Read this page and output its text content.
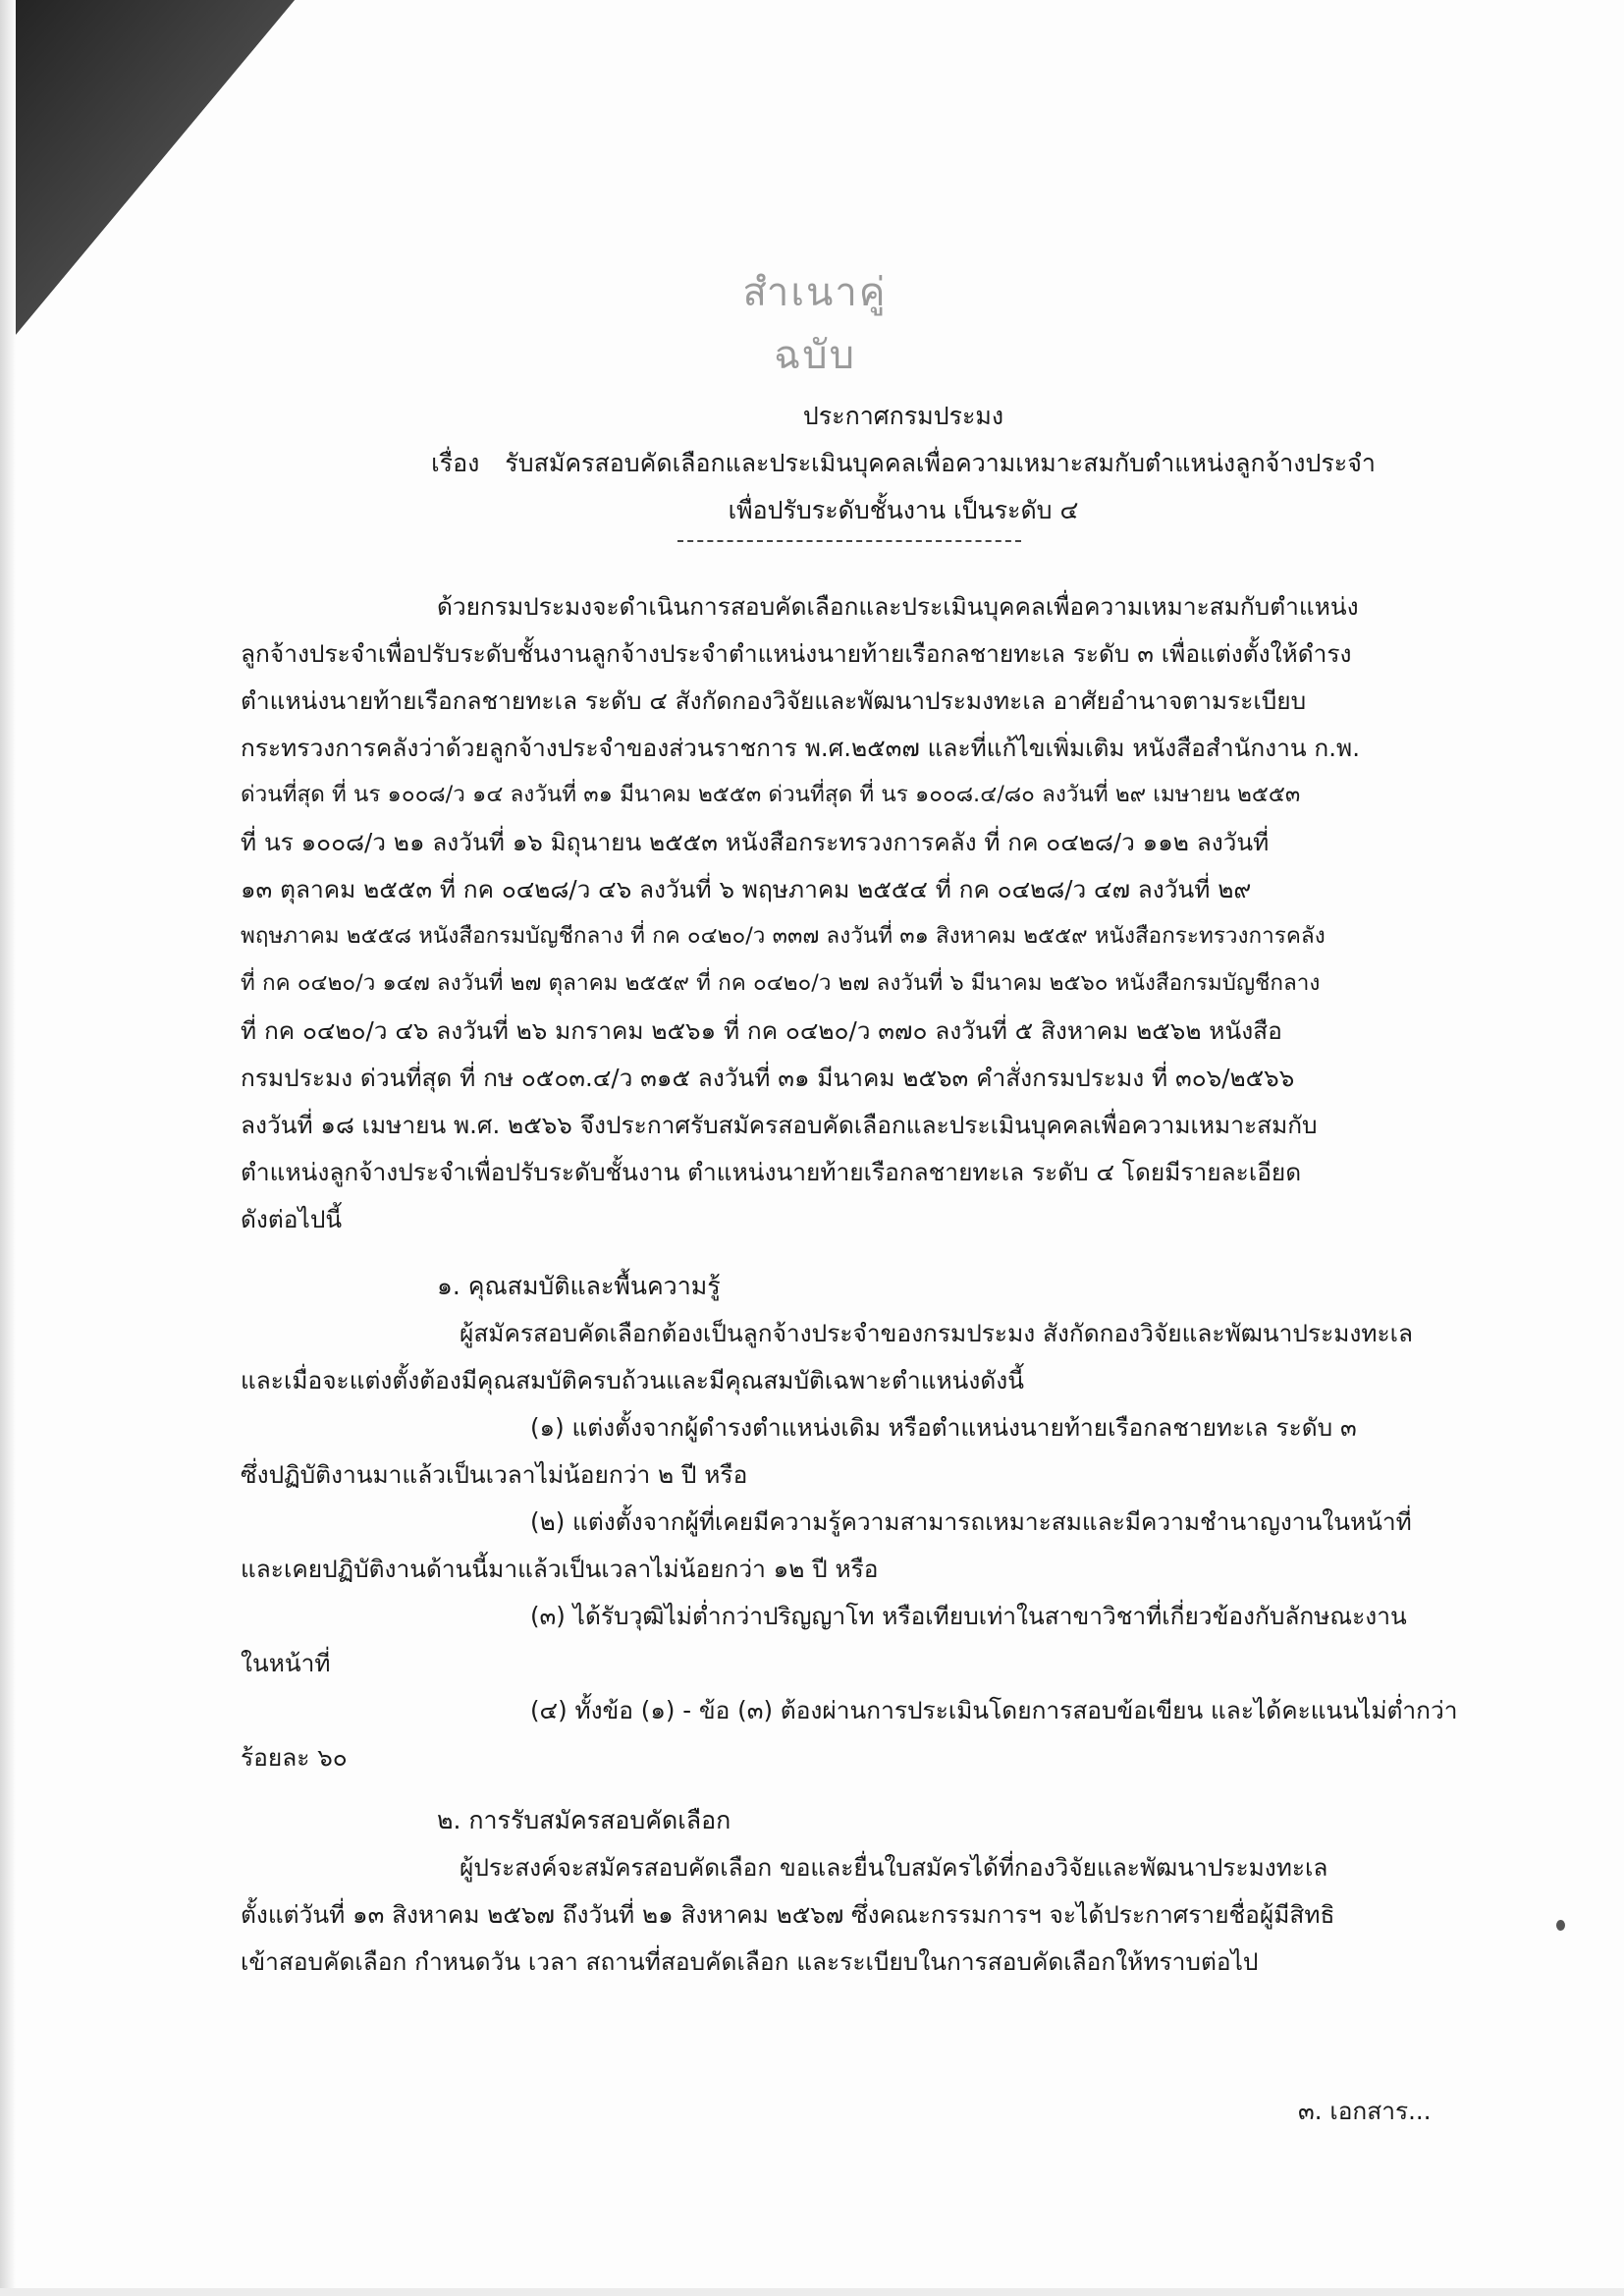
สำเนาคู่ฉบับ
ประกาศกรมประมง
เรื่อง รับสมัครสอบคัดเลือกและประเมินบุคคลเพื่อความเหมาะสมกับตำแหน่งลูกจ้างประจำ
เพื่อปรับระดับชั้นงาน เป็นระดับ ๔
ด้วยกรมประมงจะดำเนินการสอบคัดเลือกและประเมินบุคคลเพื่อความเหมาะสมกับตำแหน่ง
ลูกจ้างประจำเพื่อปรับระดับชั้นงานลูกจ้างประจำตำแหน่งนายท้ายเรือกลชายทะเล ระดับ ๓ เพื่อแต่งตั้งให้ดำรง
ตำแหน่งนายท้ายเรือกลชายทะเล ระดับ ๔ สังกัดกองวิจัยและพัฒนาประมงทะเล อาศัยอำนาจตามระเบียบ
กระทรวงการคลังว่าด้วยลูกจ้างประจำของส่วนราชการ พ.ศ.๒๕๓๗ และที่แก้ไขเพิ่มเติม หนังสือสำนักงาน ก.พ.
ด่วนที่สุด ที่ นร ๑๐๐๘/ว ๑๔ ลงวันที่ ๓๑ มีนาคม ๒๕๕๓ ด่วนที่สุด ที่ นร ๑๐๐๘.๔/๘๐ ลงวันที่ ๒๙ เมษายน ๒๕๕๓
ที่ นร ๑๐๐๘/ว ๒๑ ลงวันที่ ๑๖ มิถุนายน ๒๕๕๓ หนังสือกระทรวงการคลัง ที่ กค ๐๔๒๘/ว ๑๑๒ ลงวันที่
๑๓ ตุลาคม ๒๕๕๓ ที่ กค ๐๔๒๘/ว ๔๖ ลงวันที่ ๖ พฤษภาคม ๒๕๕๔ ที่ กค ๐๔๒๘/ว ๔๗ ลงวันที่ ๒๙
พฤษภาคม ๒๕๕๘ หนังสือกรมบัญชีกลาง ที่ กค ๐๔๒๐/ว ๓๓๗ ลงวันที่ ๓๑ สิงหาคม ๒๕๕๙ หนังสือกระทรวงการคลัง
ที่ กค ๐๔๒๐/ว ๑๔๗ ลงวันที่ ๒๗ ตุลาคม ๒๕๕๙ ที่ กค ๐๔๒๐/ว ๒๗ ลงวันที่ ๖ มีนาคม ๒๕๖๐ หนังสือกรมบัญชีกลาง
ที่ กค ๐๔๒๐/ว ๔๖ ลงวันที่ ๒๖ มกราคม ๒๕๖๑ ที่ กค ๐๔๒๐/ว ๓๗๐ ลงวันที่ ๕ สิงหาคม ๒๕๖๒ หนังสือ
กรมประมง ด่วนที่สุด ที่ กษ ๐๕๐๓.๔/ว ๓๑๕ ลงวันที่ ๓๑ มีนาคม ๒๕๖๓ คำสั่งกรมประมง ที่ ๓๐๖/๒๕๖๖
ลงวันที่ ๑๘ เมษายน พ.ศ. ๒๕๖๖ จึงประกาศรับสมัครสอบคัดเลือกและประเมินบุคคลเพื่อความเหมาะสมกับ
ตำแหน่งลูกจ้างประจำเพื่อปรับระดับชั้นงาน ตำแหน่งนายท้ายเรือกลชายทะเล ระดับ ๔ โดยมีรายละเอียด
ดังต่อไปนี้
๑. คุณสมบัติและพื้นความรู้
ผู้สมัครสอบคัดเลือกต้องเป็นลูกจ้างประจำของกรมประมง สังกัดกองวิจัยและพัฒนาประมงทะเล
และเมื่อจะแต่งตั้งต้องมีคุณสมบัติครบถ้วนและมีคุณสมบัติเฉพาะตำแหน่งดังนี้
(๑) แต่งตั้งจากผู้ดำรงตำแหน่งเดิม หรือตำแหน่งนายท้ายเรือกลชายทะเล ระดับ ๓
ซึ่งปฏิบัติงานมาแล้วเป็นเวลาไม่น้อยกว่า ๒ ปี หรือ
(๒) แต่งตั้งจากผู้ที่เคยมีความรู้ความสามารถเหมาะสมและมีความชำนาญงานในหน้าที่
และเคยปฏิบัติงานด้านนี้มาแล้วเป็นเวลาไม่น้อยกว่า ๑๒ ปี หรือ
(๓) ได้รับวุฒิไม่ต่ำกว่าปริญญาโท หรือเทียบเท่าในสาขาวิชาที่เกี่ยวข้องกับลักษณะงาน
ในหน้าที่
(๔) ทั้งข้อ (๑) - ข้อ (๓) ต้องผ่านการประเมินโดยการสอบข้อเขียน และได้คะแนนไม่ต่ำกว่า
ร้อยละ ๖๐
๒. การรับสมัครสอบคัดเลือก
ผู้ประสงค์จะสมัครสอบคัดเลือก ขอและยื่นใบสมัครได้ที่กองวิจัยและพัฒนาประมงทะเล
ตั้งแต่วันที่ ๑๓ สิงหาคม ๒๕๖๗ ถึงวันที่ ๒๑ สิงหาคม ๒๕๖๗ ซึ่งคณะกรรมการฯ จะได้ประกาศรายชื่อผู้มีสิทธิ
เข้าสอบคัดเลือก กำหนดวัน เวลา สถานที่สอบคัดเลือก และระเบียบในการสอบคัดเลือกให้ทราบต่อไป
๓. เอกสาร...
